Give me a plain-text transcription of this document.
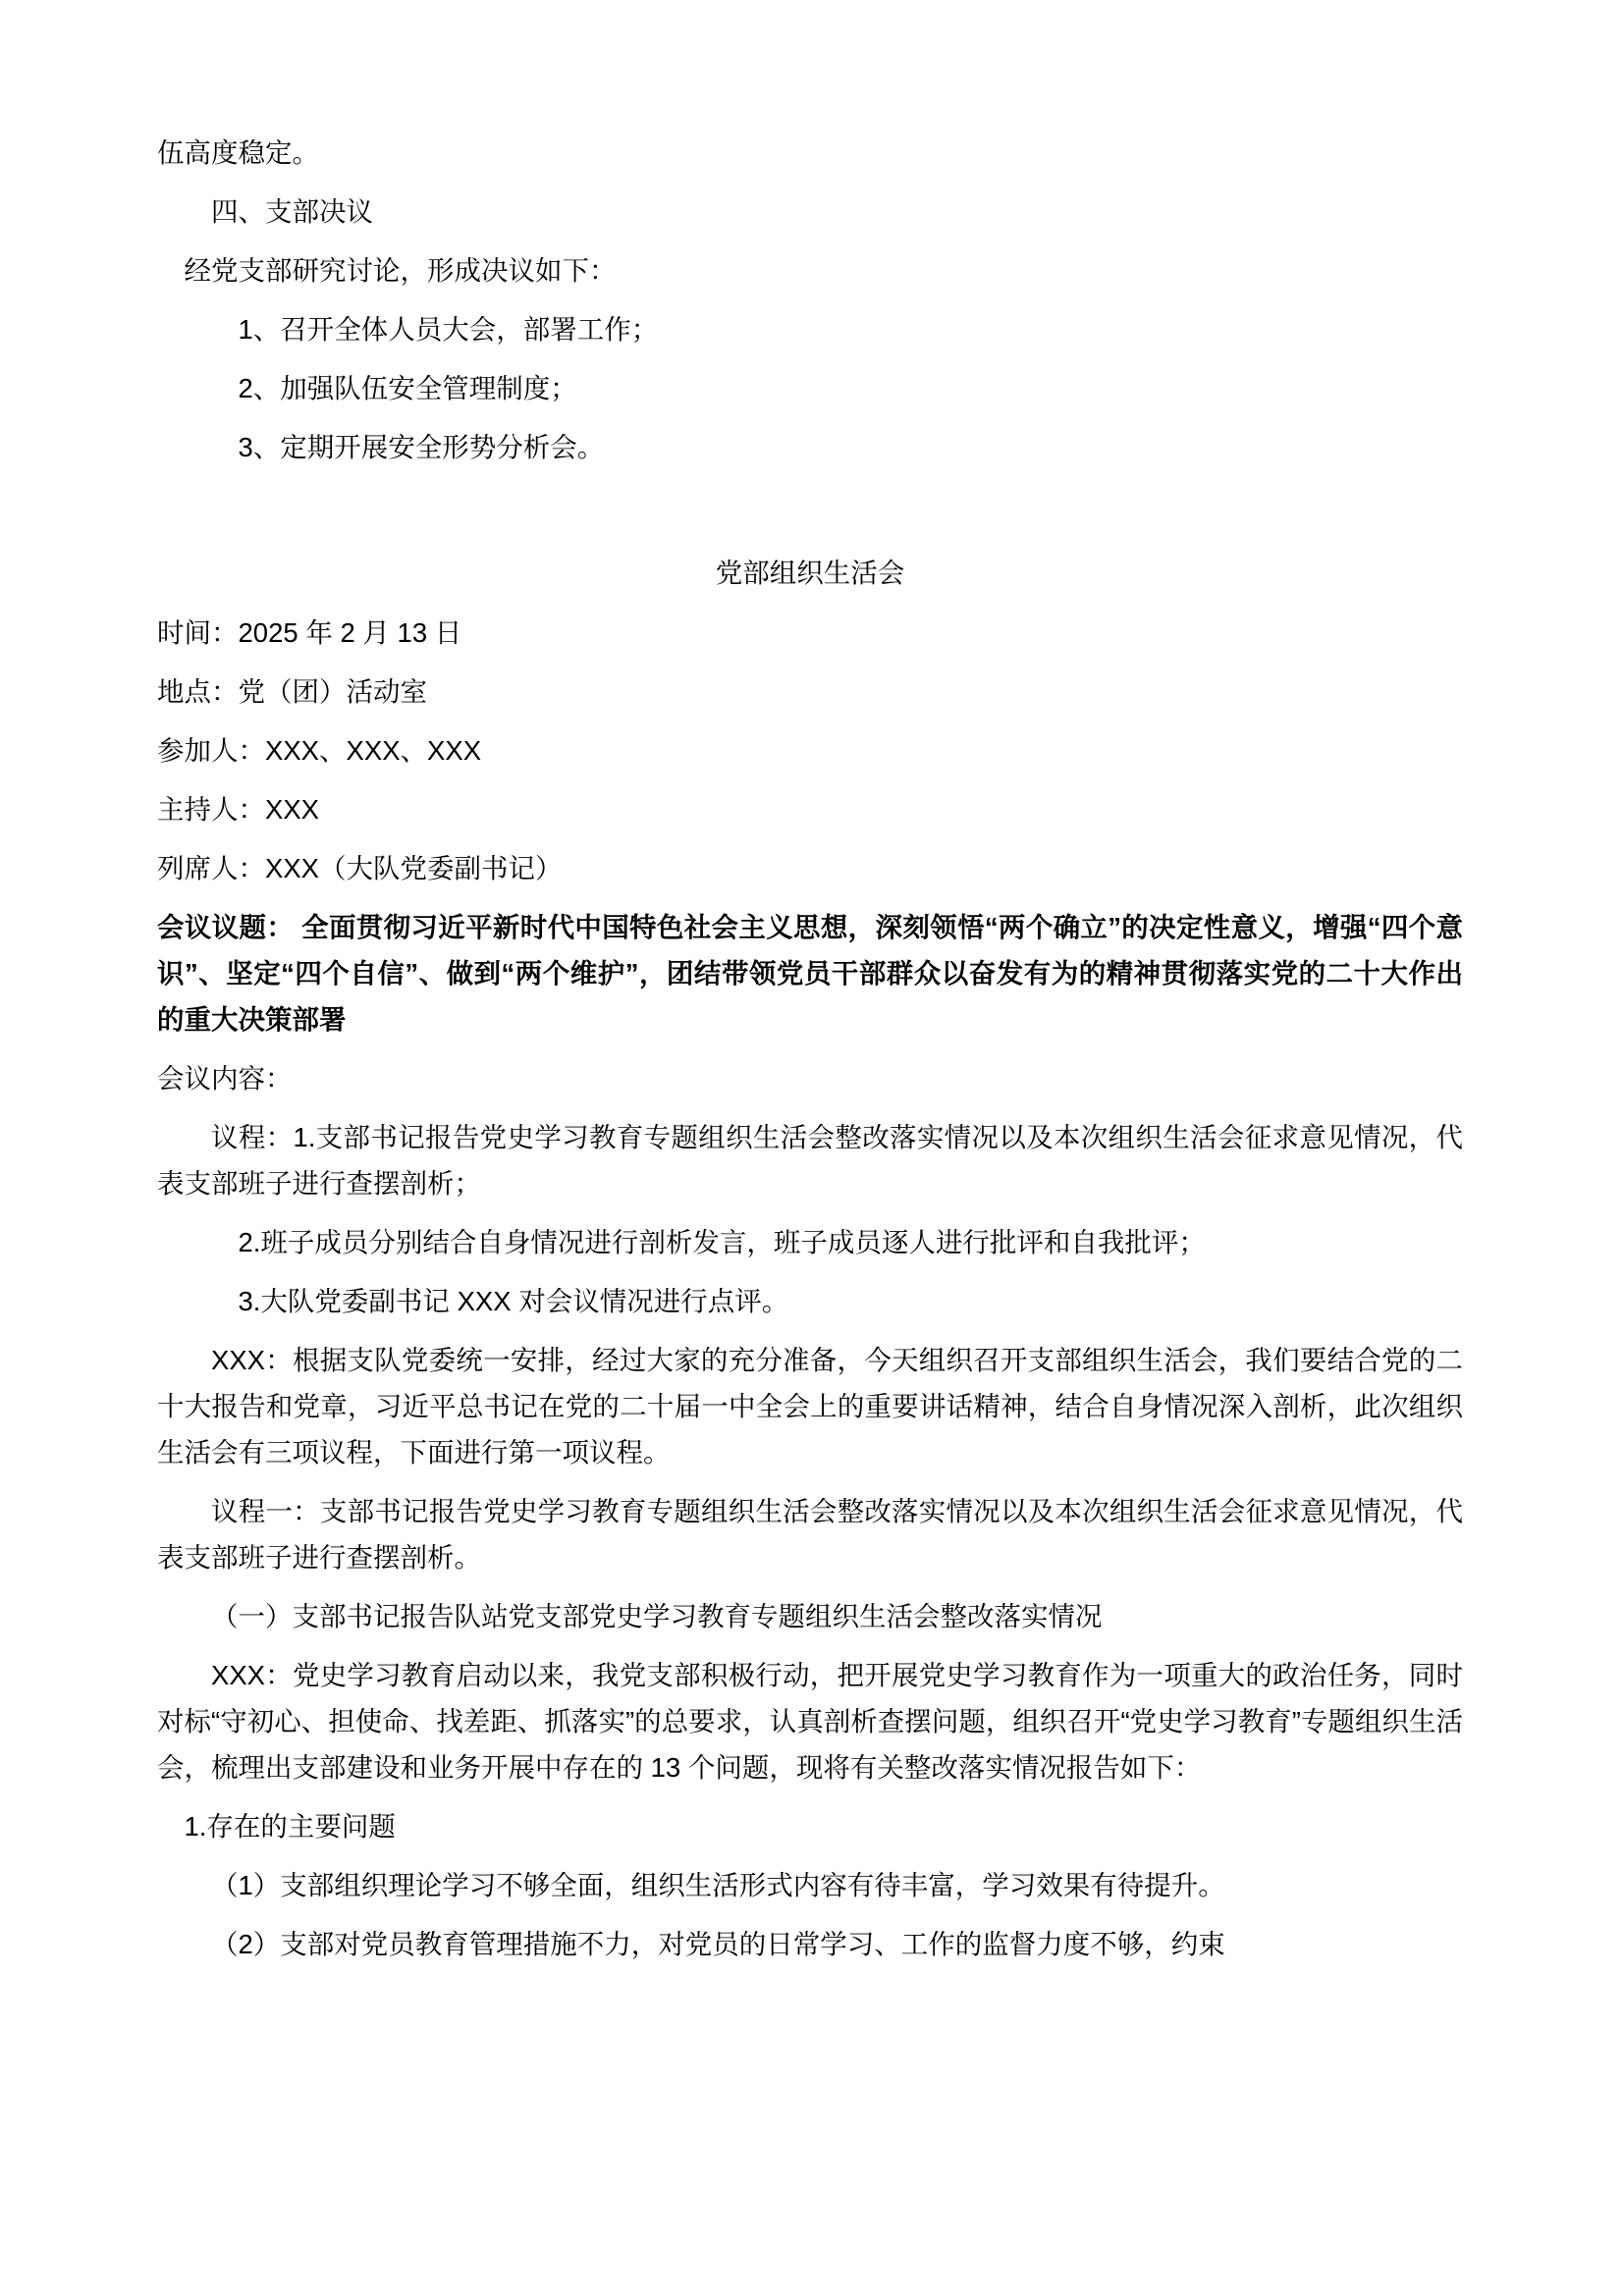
伍高度稳定。

四、支部决议

经党支部研究讨论，形成决议如下：

1、召开全体人员大会，部署工作；

2、加强队伍安全管理制度；

3、定期开展安全形势分析会。

党部组织生活会

时间：2025 年 2 月 13 日

地点：党（团）活动室

参加人：XXX、XXX、XXX

主持人：XXX

列席人：XXX（大队党委副书记）

会议议题： 全面贯彻习近平新时代中国特色社会主义思想，深刻领悟“两个确立”的决定性意义，增强“四个意识”、坚定“四个自信”、做到“两个维护”，团结带领党员干部群众以奋发有为的精神贯彻落实党的二十大作出的重大决策部署

会议内容：

议程：1.支部书记报告党史学习教育专题组织生活会整改落实情况以及本次组织生活会征求意见情况，代表支部班子进行查摆剖析；

2.班子成员分别结合自身情况进行剖析发言，班子成员逐人进行批评和自我批评；

3.大队党委副书记 XXX 对会议情况进行点评。

XXX：根据支队党委统一安排，经过大家的充分准备，今天组织召开支部组织生活会，我们要结合党的二十大报告和党章，习近平总书记在党的二十届一中全会上的重要讲话精神，结合自身情况深入剖析，此次组织生活会有三项议程，下面进行第一项议程。

议程一：支部书记报告党史学习教育专题组织生活会整改落实情况以及本次组织生活会征求意见情况，代表支部班子进行查摆剖析。

（一）支部书记报告队站党支部党史学习教育专题组织生活会整改落实情况

XXX：党史学习教育启动以来，我党支部积极行动，把开展党史学习教育作为一项重大的政治任务，同时对标“守初心、担使命、找差距、抓落实”的总要求，认真剖析查摆问题，组织召开“党史学习教育”专题组织生活会，梳理出支部建设和业务开展中存在的 13 个问题，现将有关整改落实情况报告如下：

1.存在的主要问题

（1）支部组织理论学习不够全面，组织生活形式内容有待丰富，学习效果有待提升。

（2）支部对党员教育管理措施不力，对党员的日常学习、工作的监督力度不够，约束
